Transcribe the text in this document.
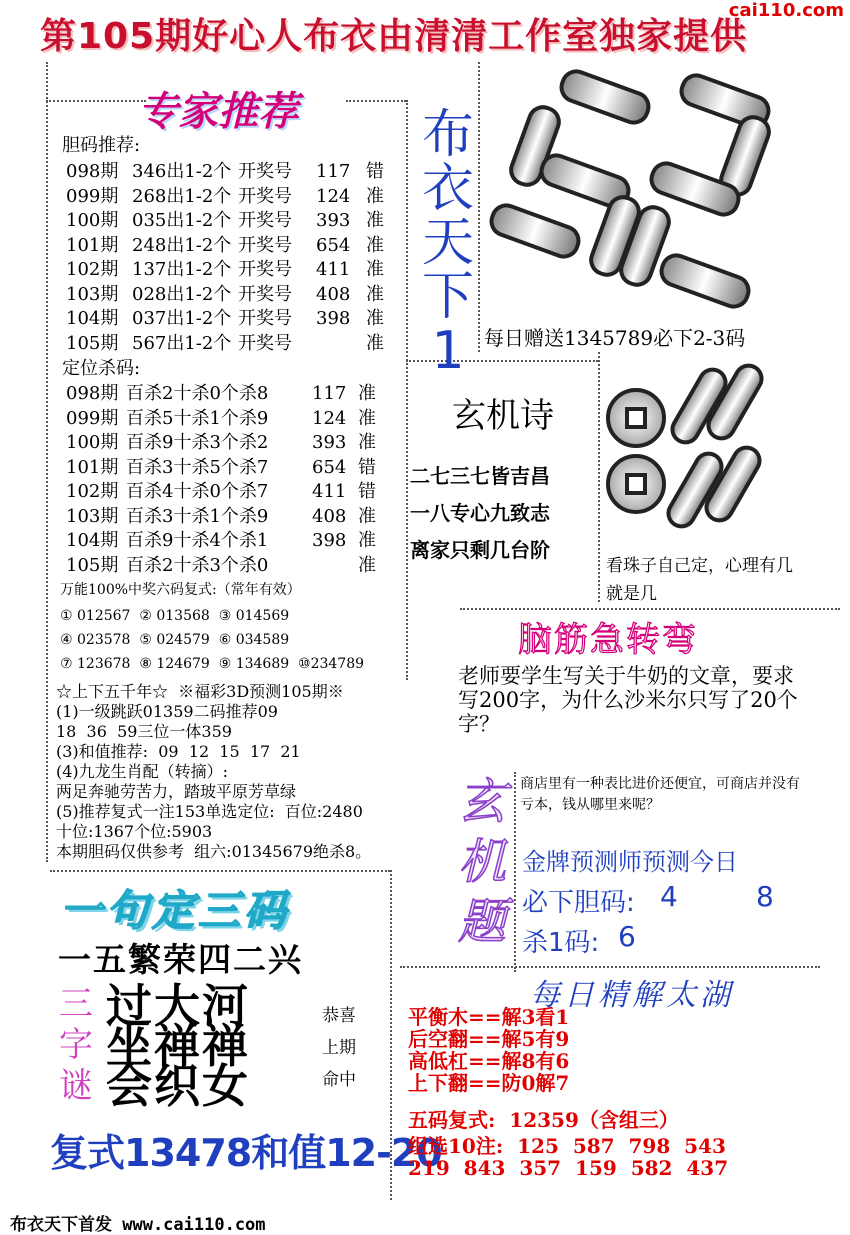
第105期好心人布衣由清清工作室独家提供
cai110.com
专家推荐
胆码推荐:
098期 346出1-2个 开奖号 117 错
099期 268出1-2个 开奖号 124 准
100期 035出1-2个 开奖号 393 准
101期 248出1-2个 开奖号 654 准
102期 137出1-2个 开奖号 411 准
103期 028出1-2个 开奖号 408 准
104期 037出1-2个 开奖号 398 准
105期 567出1-2个 开奖号	准
定位杀码:
098期 百杀2十杀0个杀8 117 准
099期 百杀5十杀1个杀9 124 准
100期 百杀9十杀3个杀2 393 准
101期 百杀3十杀5个杀7 654 错
102期 百杀4十杀0个杀7 411 错
103期 百杀3十杀1个杀9 408 准
104期 百杀9十杀4个杀1 398 准
105期 百杀2十杀3个杀0	准
万能100%中奖六码复式:（常年有效）
① 012567  ② 013568  ③ 014569
④ 023578  ⑤ 024579  ⑥ 034589
⑦ 123678  ⑧ 124679  ⑨ 134689  ⑩234789
☆上下五千年☆  ※福彩3D预测105期※
(1)一级跳跃01359二码推荐09
18  36  59三位一体359
(3)和值推荐:  09  12  15  17  21
(4)九龙生肖配（转摘）:
两足奔驰劳苦力，踏玻平原芳草绿
(5)推荐复式一注153单选定位:  百位:2480
十位:1367个位:5903
本期胆码仅供参考  组六:01345679绝杀8。
一句定三码
一五繁荣四二兴
三
字
谜
过大河
坐禅禅
会织女
恭喜
上期
命中
复式13478和值12-20
布
衣
天
下
1 每日赠送1345789必下2-3码
玄机诗
二七三七皆吉昌
一八专心九致志
离家只剩几台阶
看珠子自己定，心理有几就是几
脑筋急转弯
老师要学生写关于牛奶的文章，要求写200字，为什么沙米尔只写了20个字？
玄
机
题
商店里有一种表比进价还便宜，可商店并没有亏本，钱从哪里来呢？
金牌预测师预测今日
必下胆码: 4	8
杀1码: 6
每日精解太湖
平衡木==解3看1
后空翻==解5有9
高低杠==解8有6
上下翻==防0解7
五码复式:  12359（含组三）
组选10注:  125  587  798  543
219  843  357  159  582  437
布衣天下首发 www.cai110.com
